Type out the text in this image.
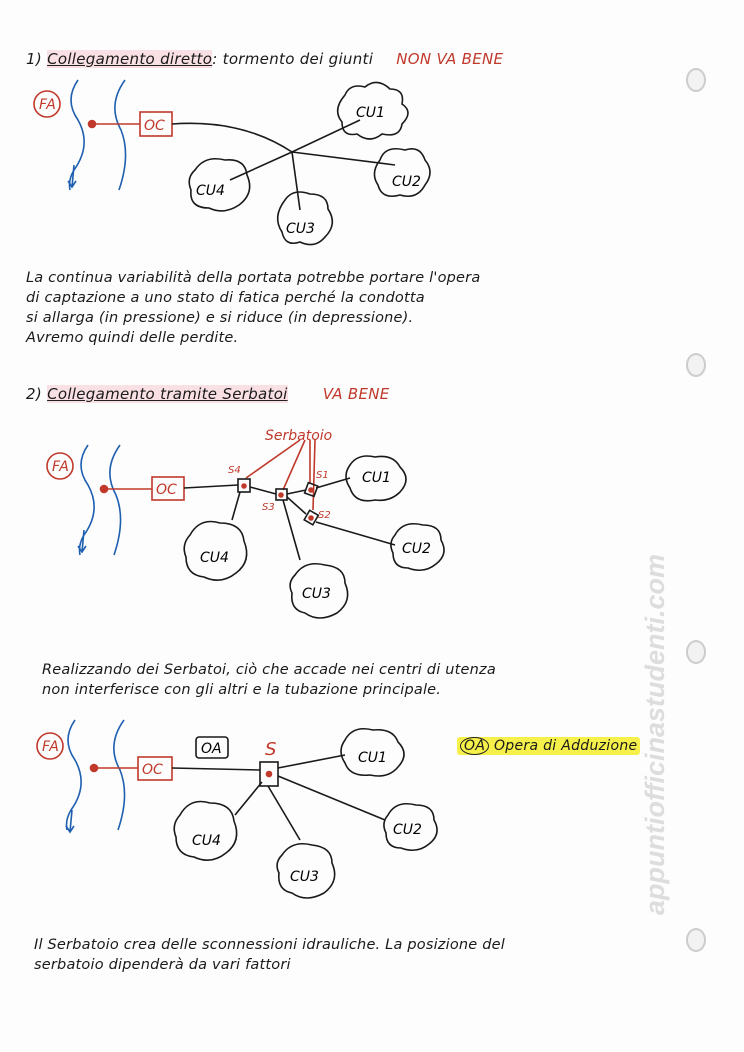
appuntiofficinastudenti.com
1) Collegamento diretto: tormento dei giunti NON VA BENE
FA
OC
CU1
CU2
CU3
CU4
FA
OC
Serbatoio
S4
S3
S1
S2
CU1
CU2
CU3
CU4
FA
OC
OA S	CU1
CU2
CU3
CU4
La continua variabilità della portata potrebbe portare l'opera
di captazione a uno stato di fatica perché la condotta
si allarga (in pressione) e si riduce (in depressione).
Avremo quindi delle perdite.
2) Collegamento tramite Serbatoi VA BENE
Realizzando dei Serbatoi, ciò che accade nei centri di utenza
non interferisce con gli altri e la tubazione principale.
OA Opera di Adduzione
Il Serbatoio crea delle sconnessioni idrauliche. La posizione del
serbatoio dipenderà da vari fattori
